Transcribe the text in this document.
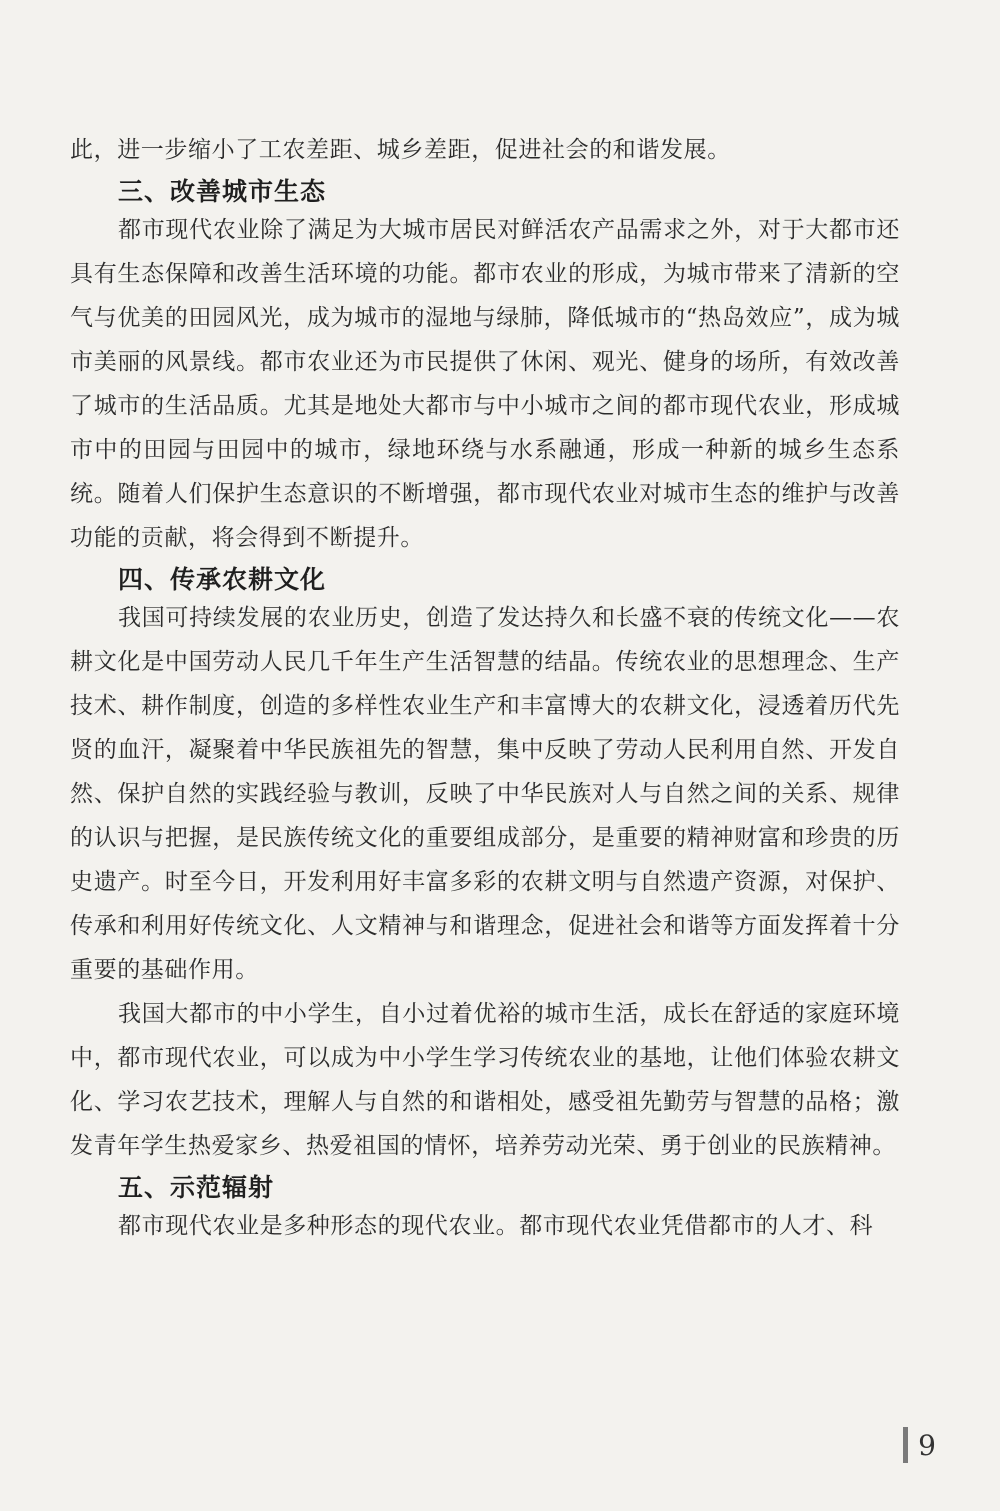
此，进一步缩小了工农差距、城乡差距，促进社会的和谐发展。

三、改善城市生态

都市现代农业除了满足为大城市居民对鲜活农产品需求之外，对于大都市还具有生态保障和改善生活环境的功能。都市农业的形成，为城市带来了清新的空气与优美的田园风光，成为城市的湿地与绿肺，降低城市的“热岛效应”，成为城市美丽的风景线。都市农业还为市民提供了休闲、观光、健身的场所，有效改善了城市的生活品质。尤其是地处大都市与中小城市之间的都市现代农业，形成城市中的田园与田园中的城市，绿地环绕与水系融通，形成一种新的城乡生态系统。随着人们保护生态意识的不断增强，都市现代农业对城市生态的维护与改善功能的贡献，将会得到不断提升。

四、传承农耕文化

我国可持续发展的农业历史，创造了发达持久和长盛不衰的传统文化——农耕文化是中国劳动人民几千年生产生活智慧的结晶。传统农业的思想理念、生产技术、耕作制度，创造的多样性农业生产和丰富博大的农耕文化，浸透着历代先贤的血汗，凝聚着中华民族祖先的智慧，集中反映了劳动人民利用自然、开发自然、保护自然的实践经验与教训，反映了中华民族对人与自然之间的关系、规律的认识与把握，是民族传统文化的重要组成部分，是重要的精神财富和珍贵的历史遗产。时至今日，开发利用好丰富多彩的农耕文明与自然遗产资源，对保护、传承和利用好传统文化、人文精神与和谐理念，促进社会和谐等方面发挥着十分重要的基础作用。

我国大都市的中小学生，自小过着优裕的城市生活，成长在舒适的家庭环境中，都市现代农业，可以成为中小学生学习传统农业的基地，让他们体验农耕文化、学习农艺技术，理解人与自然的和谐相处，感受祖先勤劳与智慧的品格；激发青年学生热爱家乡、热爱祖国的情怀，培养劳动光荣、勇于创业的民族精神。

五、示范辐射

都市现代农业是多种形态的现代农业。都市现代农业凭借都市的人才、科

9
